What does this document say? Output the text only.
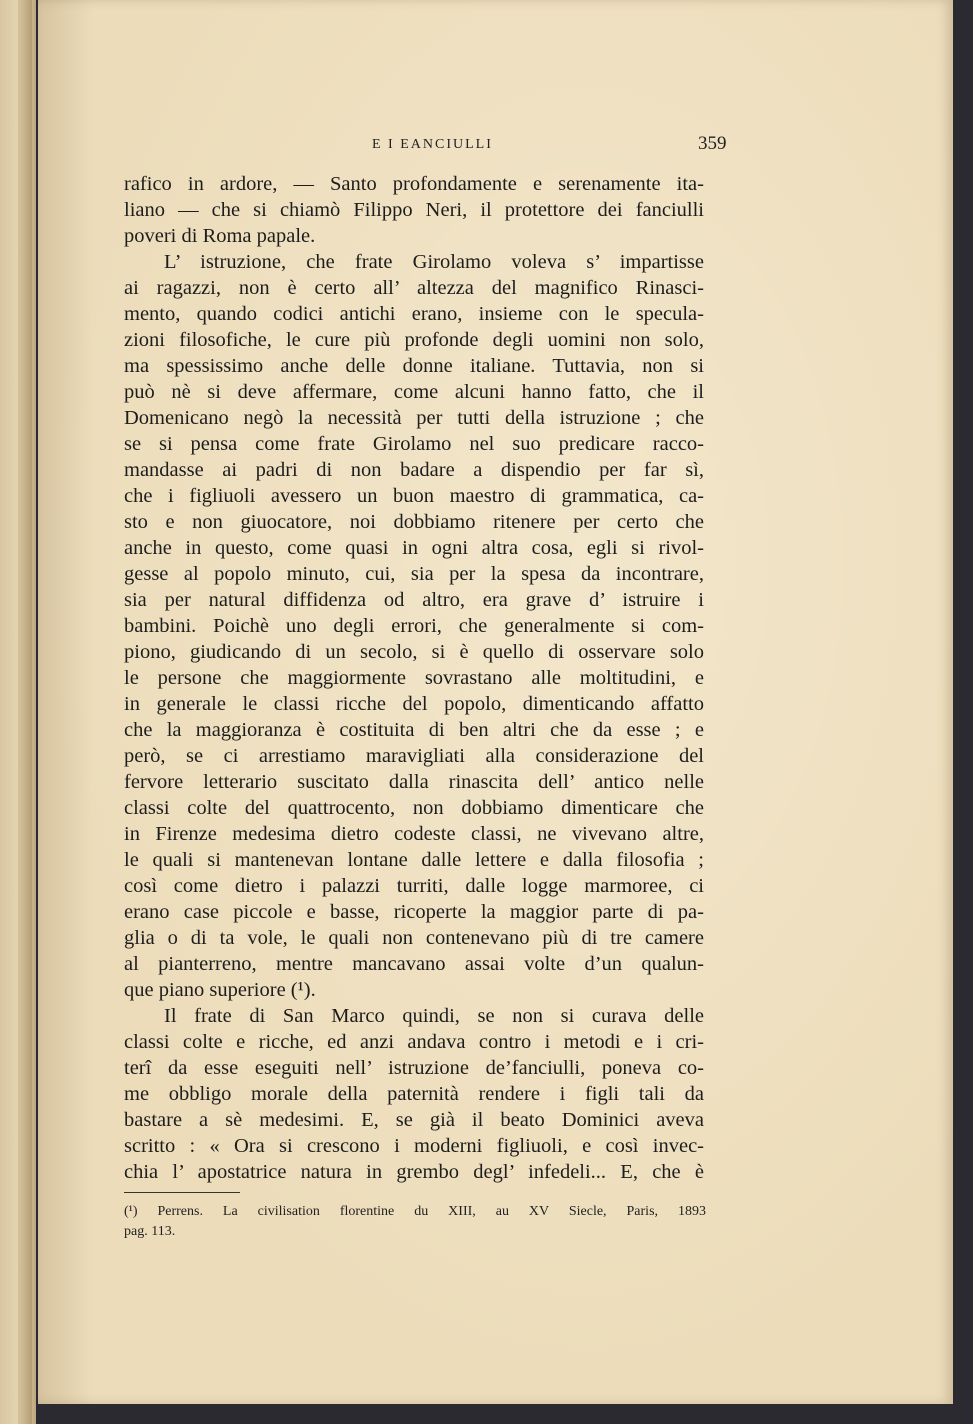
E I EANCIULLI	359
rafico in ardore, — Santo profondamente e serenamente ita-
liano — che si chiamò Filippo Neri, il protettore dei fanciulli
poveri di Roma papale.
L’ istruzione, che frate Girolamo voleva s’ impartisse
ai ragazzi, non è certo all’ altezza del magnifico Rinasci-
mento, quando codici antichi erano, insieme con le specula-
zioni filosofiche, le cure più profonde degli uomini non solo,
ma spessissimo anche delle donne italiane. Tuttavia, non si
può nè si deve affermare, come alcuni hanno fatto, che il
Domenicano negò la necessità per tutti della istruzione ; che
se si pensa come frate Girolamo nel suo predicare racco-
mandasse ai padri di non badare a dispendio per far sì,
che i figliuoli avessero un buon maestro di grammatica, ca-
sto e non giuocatore, noi dobbiamo ritenere per certo che
anche in questo, come quasi in ogni altra cosa, egli si rivol-
gesse al popolo minuto, cui, sia per la spesa da incontrare,
sia per natural diffidenza od altro, era grave d’ istruire i
bambini. Poichè uno degli errori, che generalmente si com-
piono, giudicando di un secolo, si è quello di osservare solo
le persone che maggiormente sovrastano alle moltitudini, e
in generale le classi ricche del popolo, dimenticando affatto
che la maggioranza è costituita di ben altri che da esse ; e
però, se ci arrestiamo maravigliati alla considerazione del
fervore letterario suscitato dalla rinascita dell’ antico nelle
classi colte del quattrocento, non dobbiamo dimenticare che
in Firenze medesima dietro codeste classi, ne vivevano altre,
le quali si mantenevan lontane dalle lettere e dalla filosofia ;
così come dietro i palazzi turriti, dalle logge marmoree, ci
erano case piccole e basse, ricoperte la maggior parte di pa-
glia o di ta vole, le quali non contenevano più di tre camere
al pianterreno, mentre mancavano assai volte d’un qualun-
que piano superiore (¹).
Il frate di San Marco quindi, se non si curava delle
classi colte e ricche, ed anzi andava contro i metodi e i cri-
terî da esse eseguiti nell’ istruzione de’fanciulli, poneva co-
me obbligo morale della paternità rendere i figli tali da
bastare a sè medesimi. E, se già il beato Dominici aveva
scritto : « Ora si crescono i moderni figliuoli, e così invec-
chia l’ apostatrice natura in grembo degl’ infedeli... E, che è
(¹) Perrens. La civilisation florentine du XIII, au XV Siecle, Paris, 1893
pag. 113.
